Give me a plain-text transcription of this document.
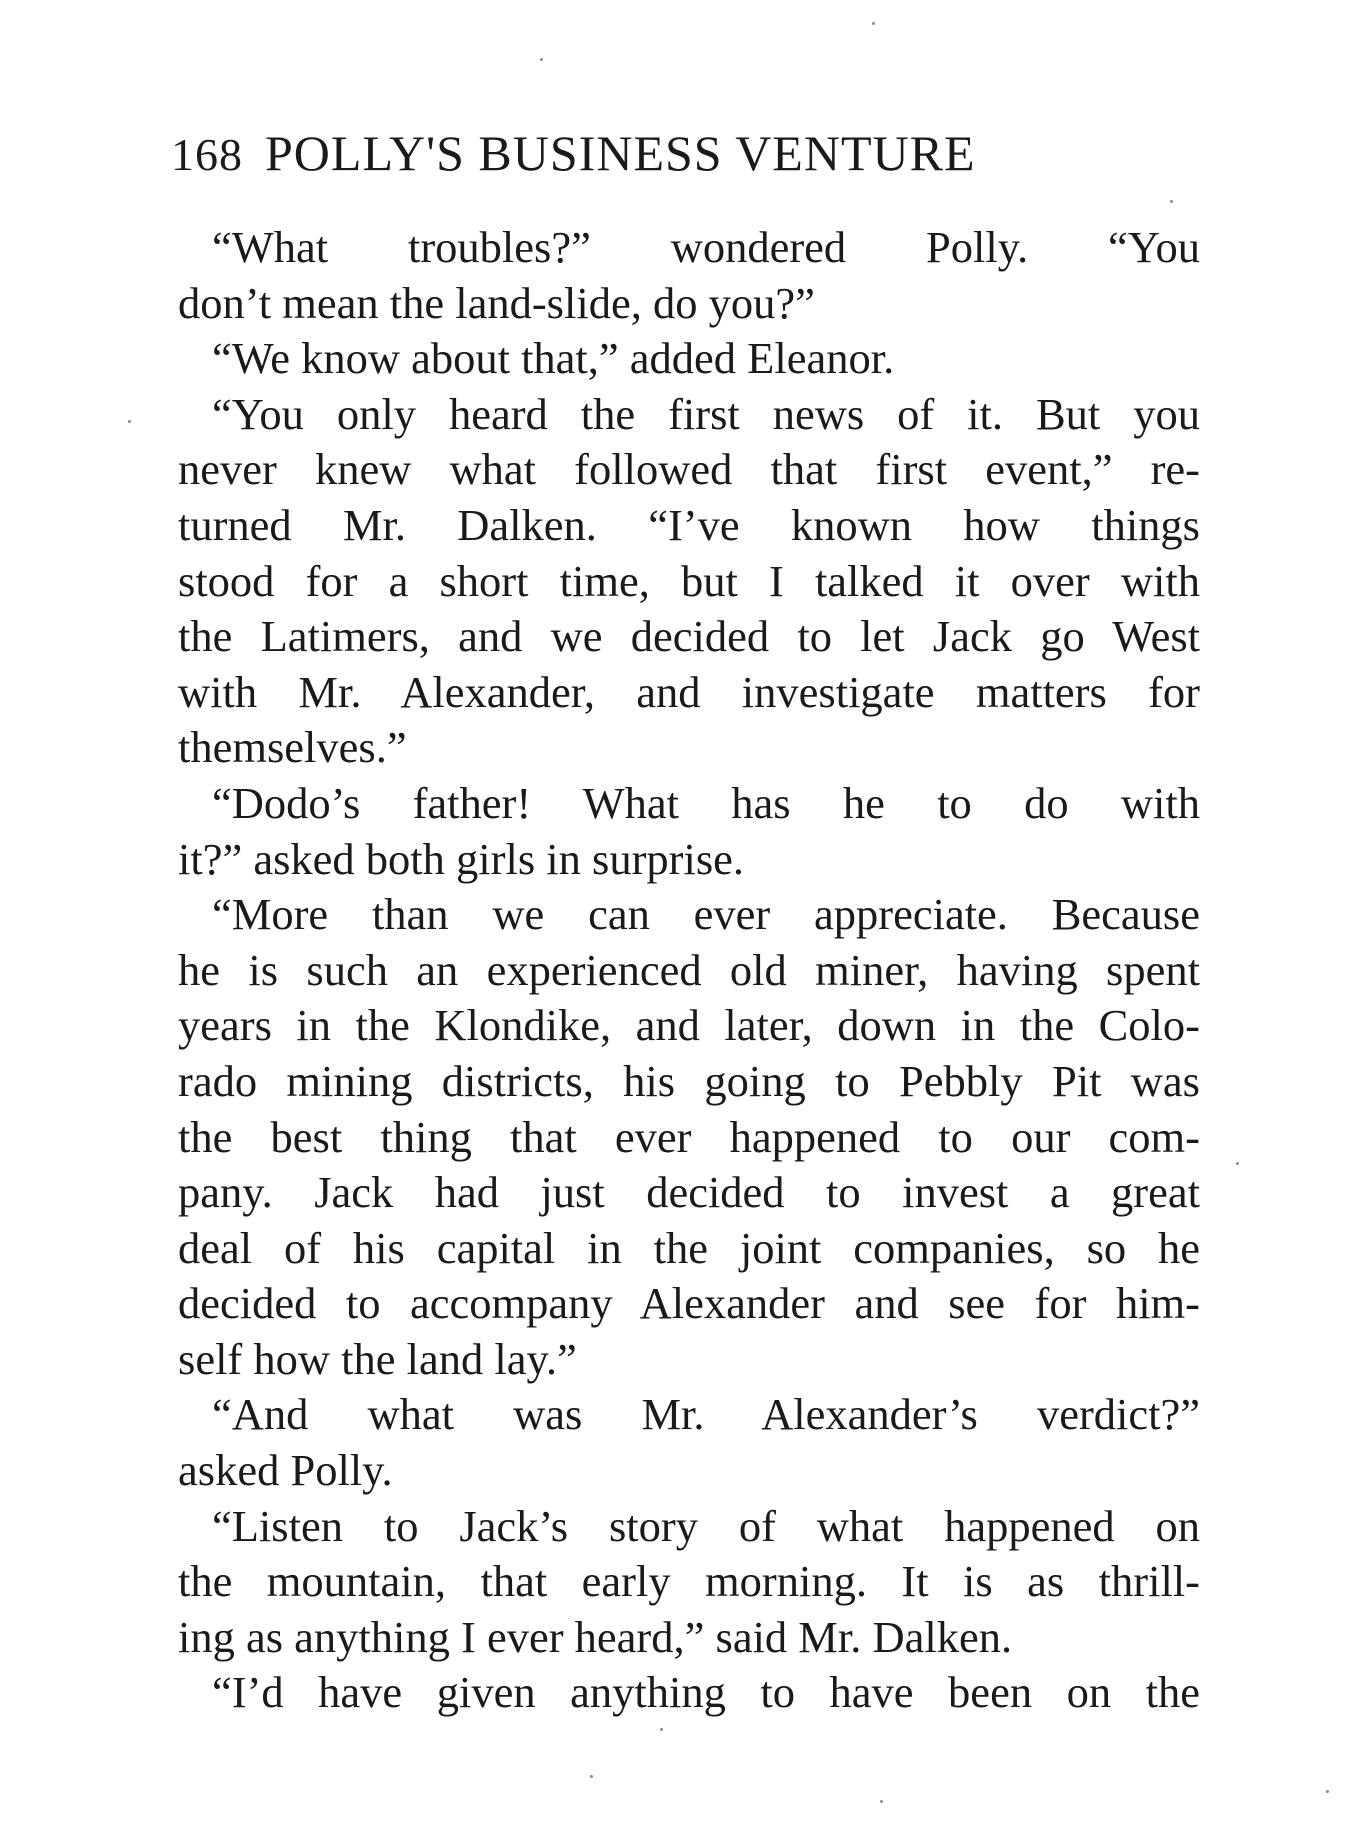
168 POLLY'S BUSINESS VENTURE
“What troubles?” wondered Polly. “You
don’t mean the land-slide, do you?”
“We know about that,” added Eleanor.
“You only heard the first news of it. But you
never knew what followed that first event,” re-
turned Mr. Dalken. “I’ve known how things
stood for a short time, but I talked it over with
the Latimers, and we decided to let Jack go West
with Mr. Alexander, and investigate matters for
themselves.”
“Dodo’s father! What has he to do with
it?” asked both girls in surprise.
“More than we can ever appreciate. Because
he is such an experienced old miner, having spent
years in the Klondike, and later, down in the Colo-
rado mining districts, his going to Pebbly Pit was
the best thing that ever happened to our com-
pany. Jack had just decided to invest a great
deal of his capital in the joint companies, so he
decided to accompany Alexander and see for him-
self how the land lay.”
“And what was Mr. Alexander’s verdict?”
asked Polly.
“Listen to Jack’s story of what happened on
the mountain, that early morning. It is as thrill-
ing as anything I ever heard,” said Mr. Dalken.
“I’d have given anything to have been on the
